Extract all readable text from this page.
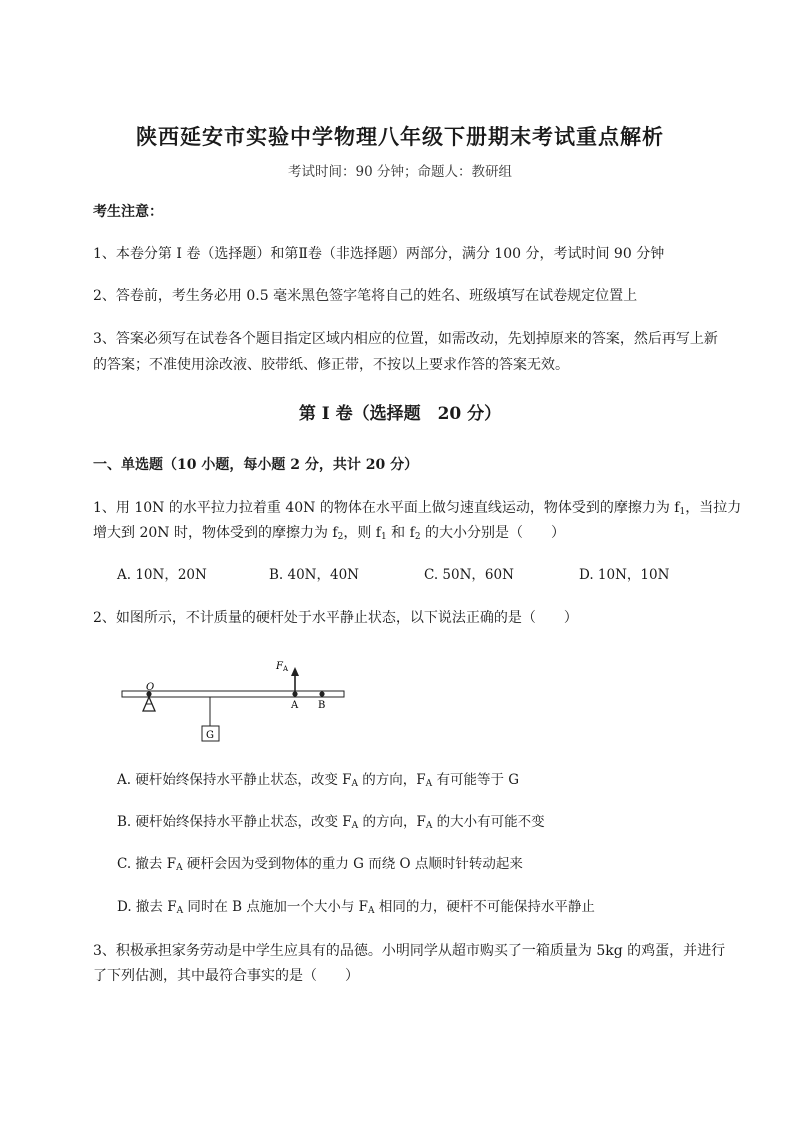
陕西延安市实验中学物理八年级下册期末考试重点解析
考试时间：90 分钟；命题人：教研组
考生注意：
1、本卷分第 I 卷（选择题）和第Ⅱ卷（非选择题）两部分，满分 100 分，考试时间 90 分钟
2、答卷前，考生务必用 0.5 毫米黑色签字笔将自己的姓名、班级填写在试卷规定位置上
3、答案必须写在试卷各个题目指定区域内相应的位置，如需改动，先划掉原来的答案，然后再写上新
的答案；不准使用涂改液、胶带纸、修正带，不按以上要求作答的答案无效。
第 I 卷（选择题　20 分）
一、单选题（10 小题，每小题 2 分，共计 20 分）
1、用 10N 的水平拉力拉着重 40N 的物体在水平面上做匀速直线运动，物体受到的摩擦力为 $f_1$，当拉力
增大到 20N 时，物体受到的摩擦力为 $f_2$，则 $f_1$ 和 $f_2$ 的大小分别是（　　）
A. 10N，20N	B. 40N，40N	C. 50N，60N	D. 10N，10N
2、如图所示，不计质量的硬杆处于水平静止状态，以下说法正确的是（　　）
O
G
$F_A$
A B
A. 硬杆始终保持水平静止状态，改变 $F_A$ 的方向，$F_A$ 有可能等于 G
B. 硬杆始终保持水平静止状态，改变 $F_A$ 的方向，$F_A$ 的大小有可能不变
C. 撤去 $F_A$ 硬杆会因为受到物体的重力 G 而绕 O 点顺时针转动起来
D. 撤去 $F_A$ 同时在 B 点施加一个大小与 $F_A$ 相同的力，硬杆不可能保持水平静止
3、积极承担家务劳动是中学生应具有的品德。小明同学从超市购买了一箱质量为 5kg 的鸡蛋，并进行
了下列估测，其中最符合事实的是（　　）
